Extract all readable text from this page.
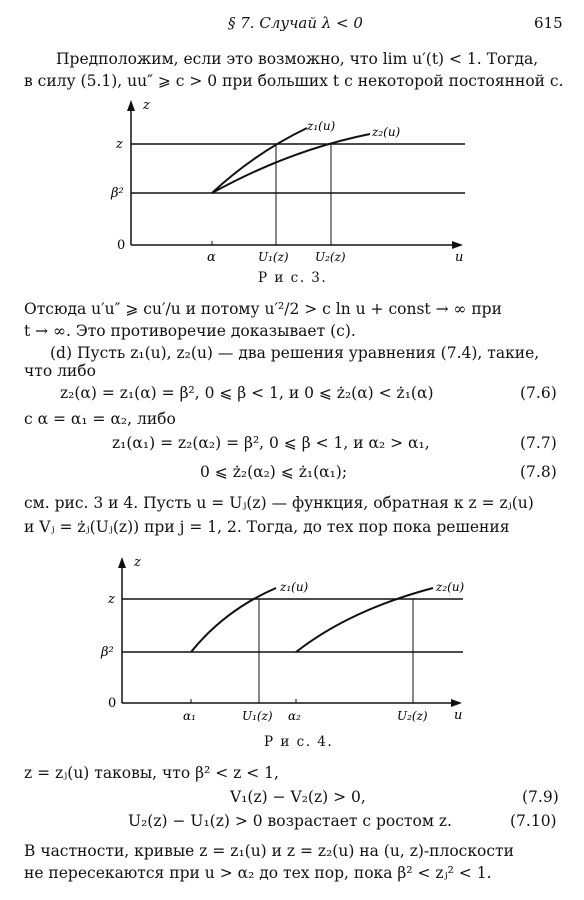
§ 7. Случай λ < 0	615
Предположим, если это возможно, что lim u′(t) < 1. Тогда,
в силу (5.1), uu″ ⩾ c > 0 при больших t с некоторой постоянной c.
z
u
z
β²
0
α	U₁(z) U₂(z)
z₁(u)	z₂(u)
Р и с. 3.
Отсюда u′u″ ⩾ cu′/u и потому u′²/2 > c ln u + const → ∞ при
t → ∞. Это противоречие доказывает (c).
(d) Пусть z₁(u), z₂(u) — два решения уравнения (7.4), такие,
что либо
z₂(α) = z₁(α) = β², 0 ⩽ β < 1, и 0 ⩽ ż₂(α) < ż₁(α)	(7.6)
с α = α₁ = α₂, либо
z₁(α₁) = z₂(α₂) = β², 0 ⩽ β < 1, и α₂ > α₁,	(7.7)
0 ⩽ ż₂(α₂) ⩽ ż₁(α₁);	(7.8)
см. рис. 3 и 4. Пусть u = Uⱼ(z) — функция, обратная к z = zⱼ(u)
и Vⱼ = żⱼ(Uⱼ(z)) при j = 1, 2. Тогда, до тех пор пока решения
z
u
z
β²
0
α₁	U₁(z) α₂	U₂(z)
z₁(u)	z₂(u)
Р и с. 4.
z = zⱼ(u) таковы, что β² < z < 1,
V₁(z) − V₂(z) > 0,	(7.9)
U₂(z) − U₁(z) > 0 возрастает с ростом z.	(7.10)
В частности, кривые z = z₁(u) и z = z₂(u) на (u, z)-плоскости
не пересекаются при u > α₂ до тех пор, пока β² < zⱼ² < 1.
